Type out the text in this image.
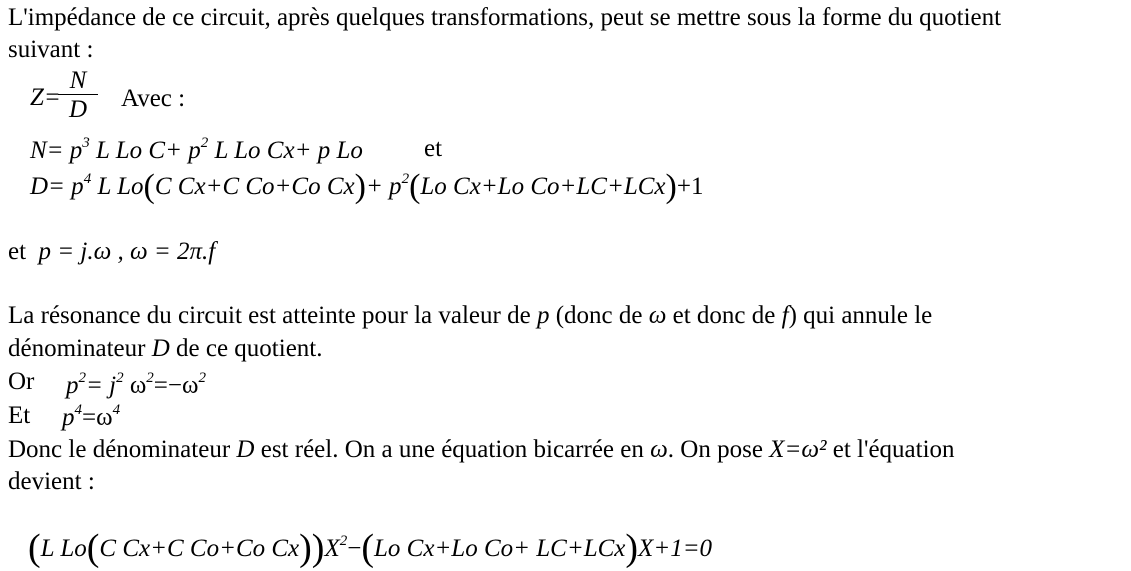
L'impédance de ce circuit, après quelques transformations, peut se mettre sous la forme du quotient
suivant :
Z=
N
D	Avec :
$N= p^3$ L Lo $C+ p^2$ L Lo Cx+ p Lo et
$D= p^4$ L Lo(C Cx+C Co+Co $Cx)+ p^2(Lo$ Cx+Lo Co+LC+LCx)+1
et p = j.ω , ω = 2π.f
La résonance du circuit est atteinte pour la valeur de p (donc de ω et donc de f) qui annule le
dénominateur D de ce quotient.
Or $p^2= j^2$ $\omega^2=-\omega^2$
Et $p^4=\omega^4$
Donc le dénominateur D est réel. On a une équation bicarrée en ω. On pose X=ω² et l'équation
devient :
(L Lo(C Cx+C Co+Co $Cx))X^2-(Lo$ Cx+Lo Co+ LC+LCx)X+1=0
